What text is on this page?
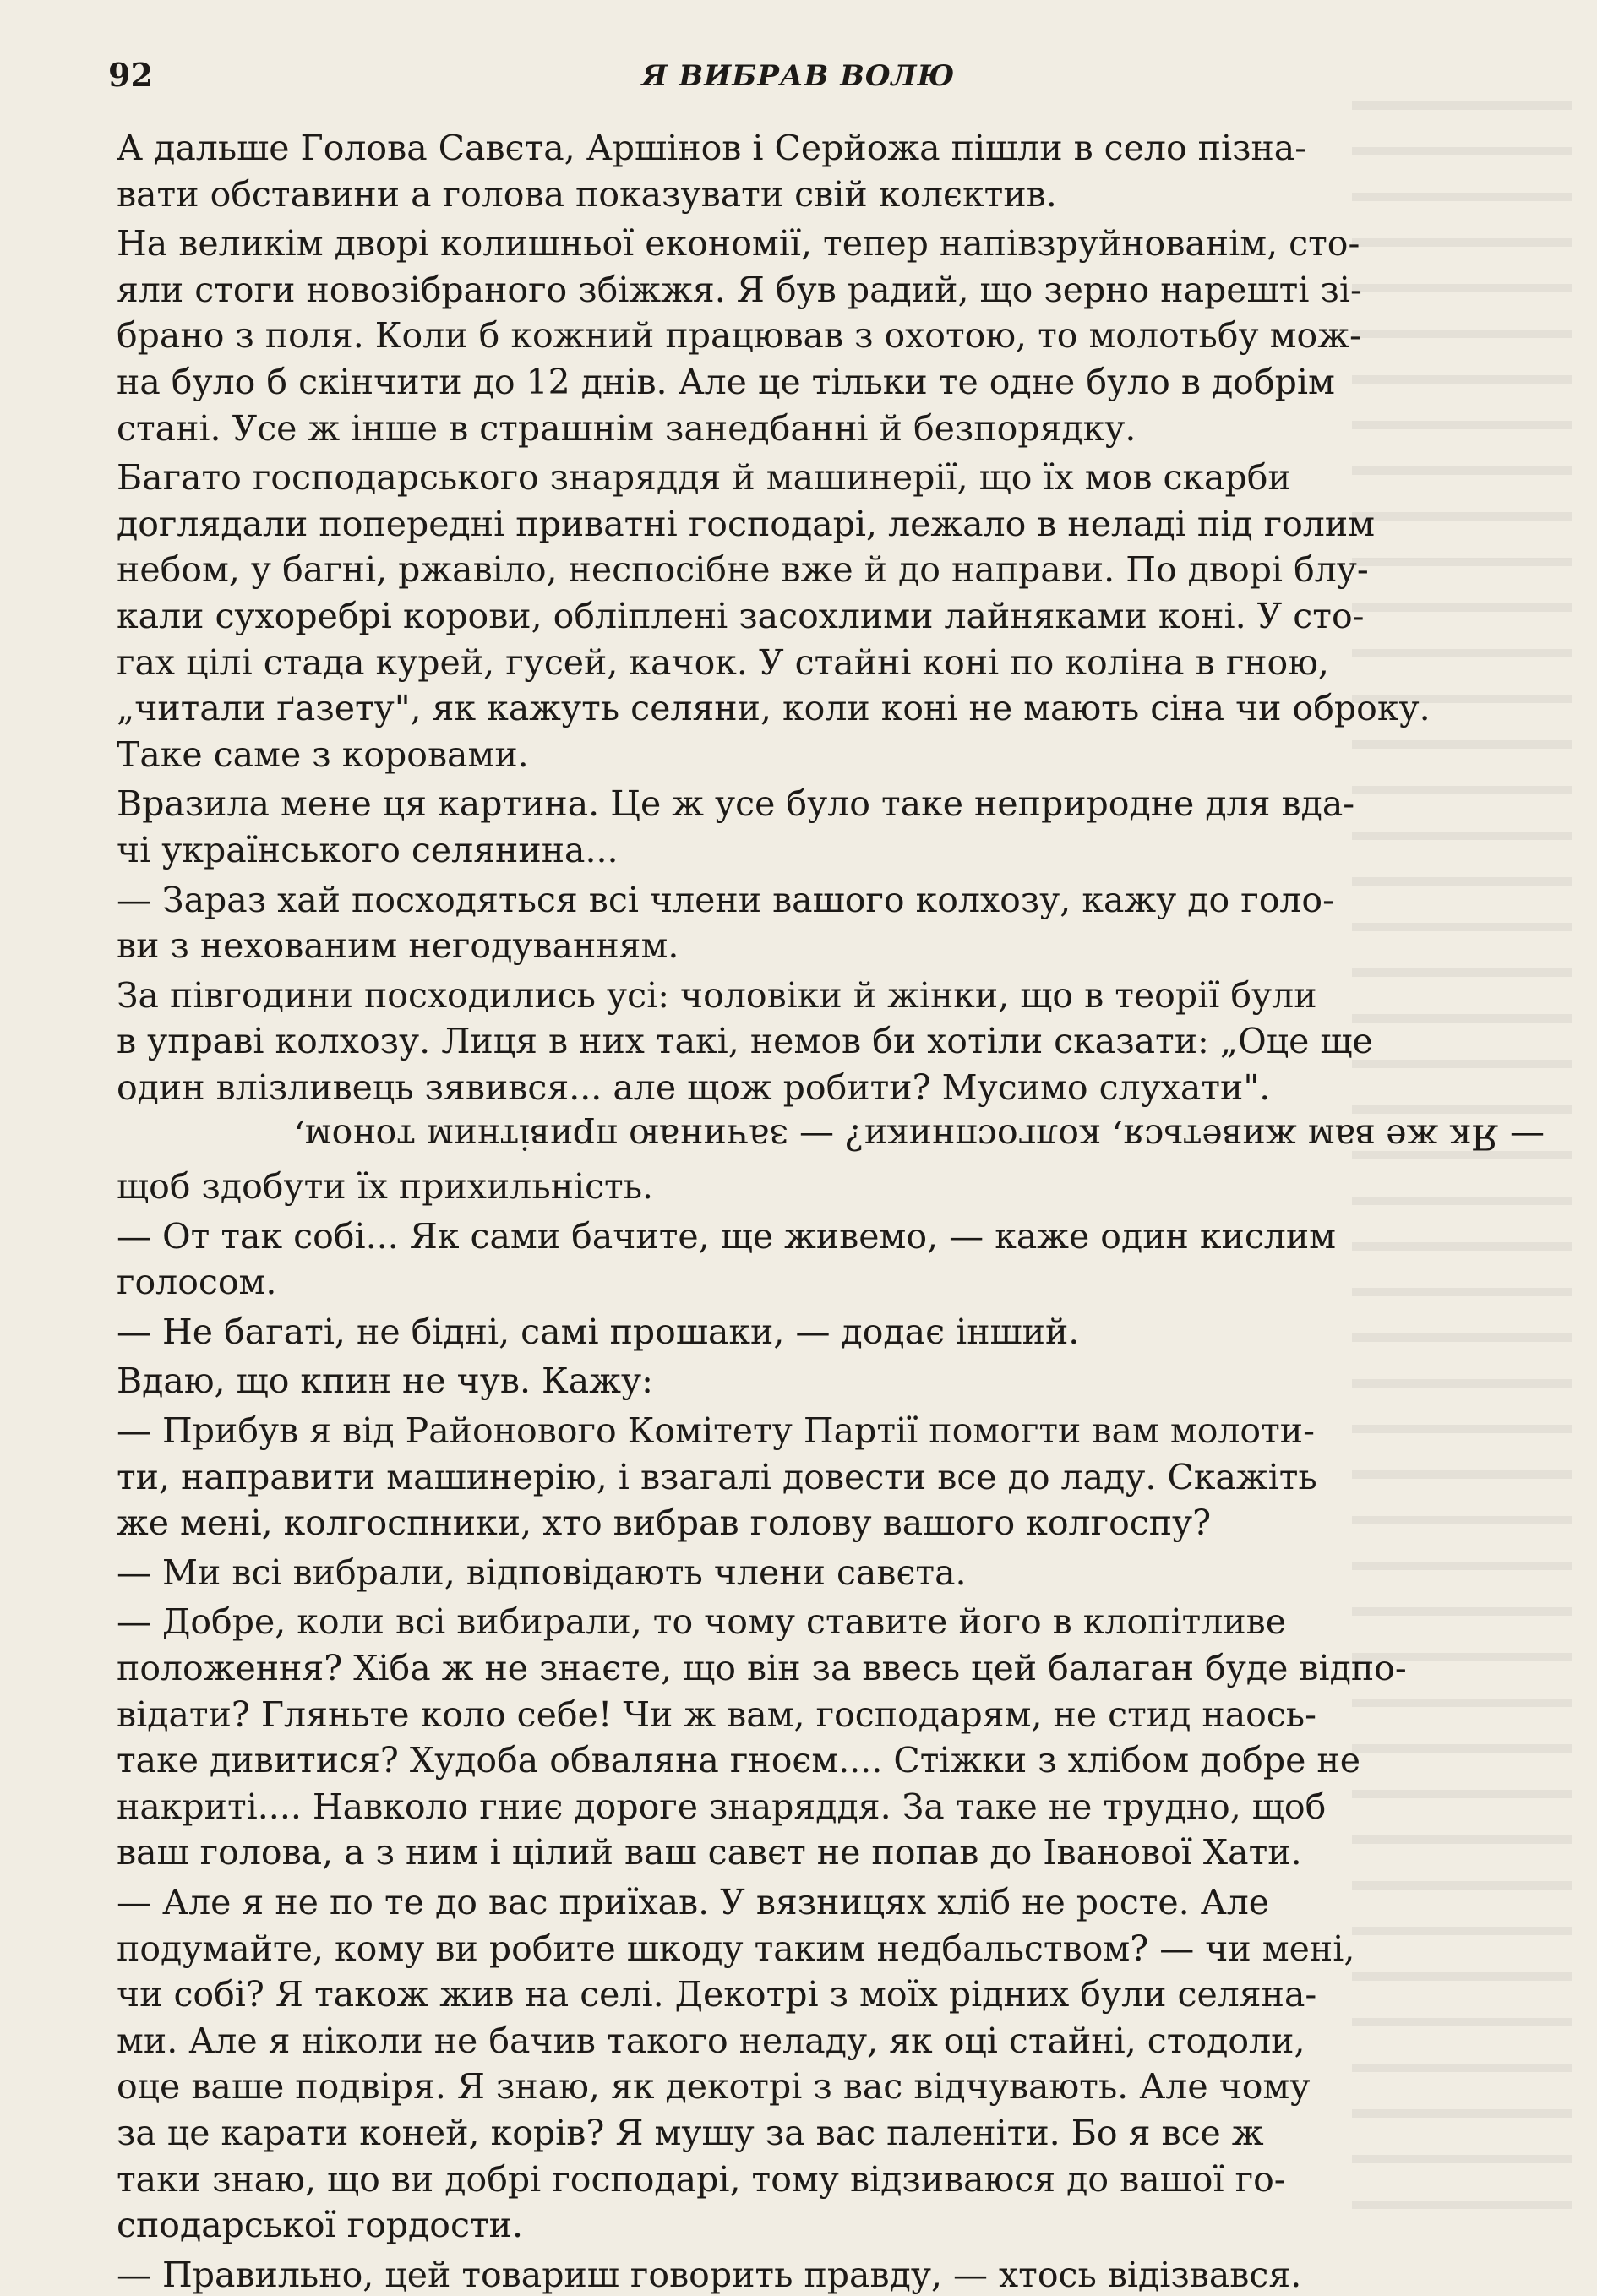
92	Я ВИБРАВ ВОЛЮ
А дальше Голова Савєта, Аршінов і Серйожа пішли в село пізна-
вати обставини а голова показувати свій колєктив.
На великім дворі колишньої економії, тепер напівзруйнованім, сто-
яли стоги новозібраного збіжжя. Я був радий, що зерно нарешті зі-
брано з поля. Коли б кожний працював з охотою, то молотьбу мож-
на було б скінчити до 12 днів. Але це тільки те одне було в добрім
стані. Усе ж інше в страшнім занедбанні й безпорядку.
Багато господарського знаряддя й машинерії, що їх мов скарби
доглядали попередні приватні господарі, лежало в неладі під голим
небом, у багні, ржавіло, неспосібне вже й до направи. По дворі блу-
кали сухоребрі корови, обліплені засохлими лайняками коні. У сто-
гах цілі стада курей, гусей, качок. У стайні коні по коліна в гною,
„читали ґазету", як кажуть селяни, коли коні не мають сіна чи оброку.
Таке саме з коровами.
Вразила мене ця картина. Це ж усе було таке неприродне для вда-
чі українського селянина...
— Зараз хай посходяться всі члени вашого колхозу, кажу до голо-
ви з нехованим негодуванням.
За півгодини посходились усі: чоловіки й жінки, що в теорії були
в управі колхозу. Лиця в них такі, немов би хотіли сказати: „Оце ще
один влізливець зявився... але щож робити? Мусимо слухати".
— Як же вам живеться, колгоспники? — зачинаю привітним тоном,
щоб здобути їх прихильність.
— От так собі... Як сами бачите, ще живемо, — каже один кислим
голосом.
— Не багаті, не бідні, самі прошаки, — додає інший.
Вдаю, що кпин не чув. Кажу:
— Прибув я від Районового Комітету Партії помогти вам молоти-
ти, направити машинерію, і взагалі довести все до ладу. Скажіть
же мені, колгоспники, хто вибрав голову вашого колгоспу?
— Ми всі вибрали, відповідають члени савєта.
— Добре, коли всі вибирали, то чому ставите його в клопітливе
положення? Хіба ж не знаєте, що він за ввесь цей балаган буде відпо-
відати? Гляньте коло себе! Чи ж вам, господарям, не стид наось-
таке дивитися? Худоба обваляна гноєм.... Стіжки з хлібом добре не
накриті.... Навколо гниє дороге знаряддя. За таке не трудно, щоб
ваш голова, а з ним і цілий ваш савєт не попав до Іванової Хати.
— Але я не по те до вас приїхав. У вязницях хліб не росте. Але
подумайте, кому ви робите шкоду таким недбальством? — чи мені,
чи собі? Я також жив на селі. Декотрі з моїх рідних були селяна-
ми. Але я ніколи не бачив такого неладу, як оці стайні, стодоли,
оце ваше подвіря. Я знаю, як декотрі з вас відчувають. Але чому
за це карати коней, корів? Я мушу за вас паленіти. Бо я все ж
таки знаю, що ви добрі господарі, тому відзиваюся до вашої го-
сподарської гордости.
— Правильно, цей товариш говорить правду, — хтось відізвався.
